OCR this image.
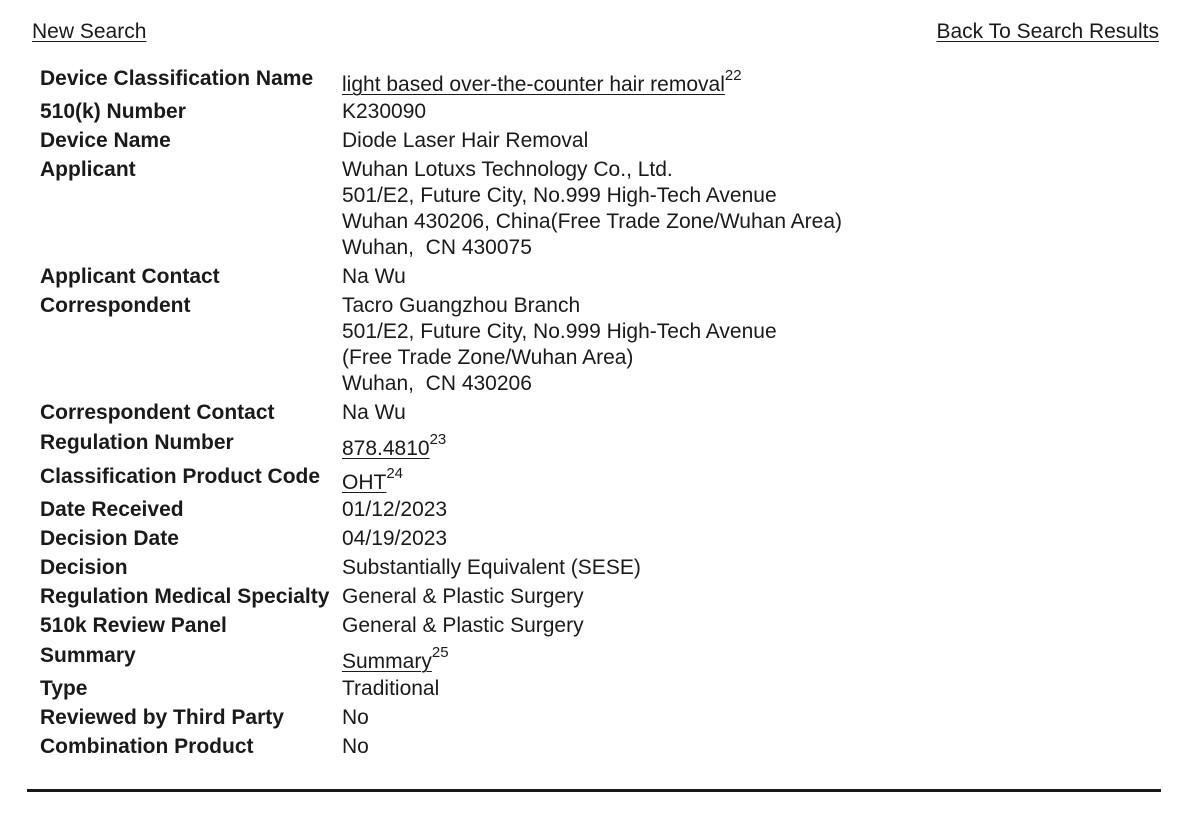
New Search	Back To Search Results
Device Classification Name	light based over-the-counter hair removal$^{22}$
510(k) Number	K230090
Device Name	Diode Laser Hair Removal
Applicant	Wuhan Lotuxs Technology Co., Ltd.
501/E2, Future City, No.999 High-Tech Avenue
Wuhan 430206, China(Free Trade Zone/Wuhan Area)
Wuhan,  CN 430075

Applicant Contact	Na Wu
Correspondent	Tacro Guangzhou Branch
501/E2, Future City, No.999 High-Tech Avenue
(Free Trade Zone/Wuhan Area)
Wuhan,  CN 430206

Correspondent Contact	Na Wu
Regulation Number	878.4810$^{23}$
Classification Product Code	OHT$^{24}$
Date Received	01/12/2023
Decision Date	04/19/2023
Decision	Substantially Equivalent (SESE)
Regulation Medical Specialty	General & Plastic Surgery
510k Review Panel	General & Plastic Surgery
Summary	Summary$^{25}$
Type	Traditional
Reviewed by Third Party	No
Combination Product	No
